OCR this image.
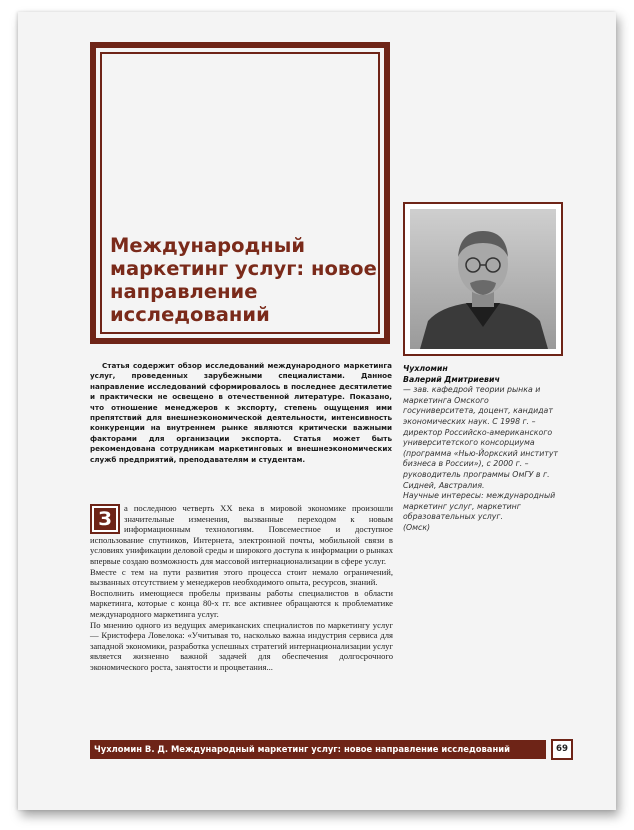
Международный маркетинг услуг: новое направление исследований
Статья содержит обзор исследований международного маркетинга услуг, проведенных зарубежными специалистами. Данное направление исследований сформировалось в последнее десятилетие и практически не освещено в отечественной литературе. Показано, что отношение менеджеров к экспорту, степень ощущения ими препятствий для внешнеэкономической деятельности, интенсивность конкуренции на внутреннем рынке являются критически важными факторами для организации экспорта. Статья может быть рекомендована сотрудникам маркетинговых и внешнеэкономических служб предприятий, преподавателям и студентам.
З	а последнюю четверть XX века в мировой экономике произошли значительные изменения, вызванные переходом к новым информационным технологиям. Повсеместное и доступное использование спутников, Интернета, электронной почты, мобильной связи в условиях унификации деловой среды и широкого доступа к информации о рынках впервые создаю возможность для массовой интернационализации в сфере услуг.

Вместе с тем на пути развития этого процесса стоит немало ограничений, вызванных отсутствием у менеджеров необходимого опыта, ресурсов, знаний.

Восполнить имеющиеся пробелы призваны работы специалистов в области маркетинга, которые с конца 80-х гг. все активнее обращаются к проблематике международного маркетинга услуг.

По мнению одного из ведущих американских специалистов по маркетингу услуг — Кристофера Ловелока: «Учитывая то, насколько важна индустрия сервиса для западной экономики, разработка успешных стратегий интернационализации услуг является жизненно важной задачей для обеспечения долгосрочного экономического роста, занятости и процветания...

Чухломин
Валерий Дмитриевич
— зав. кафедрой теории рынка и маркетинга Омского госуниверситета, доцент, кандидат экономических наук. С 1998 г. – директор Российско-американского университетского консорциума (программа «Нью-Йоркский институт бизнеса в России»), с 2000 г. – руководитель программы ОмГУ в г. Сидней, Австралия.
Научные интересы: международный маркетинг услуг, маркетинг образовательных услуг.
(Омск)
Чухломин В. Д. Международный маркетинг услуг: новое направление исследований	69
